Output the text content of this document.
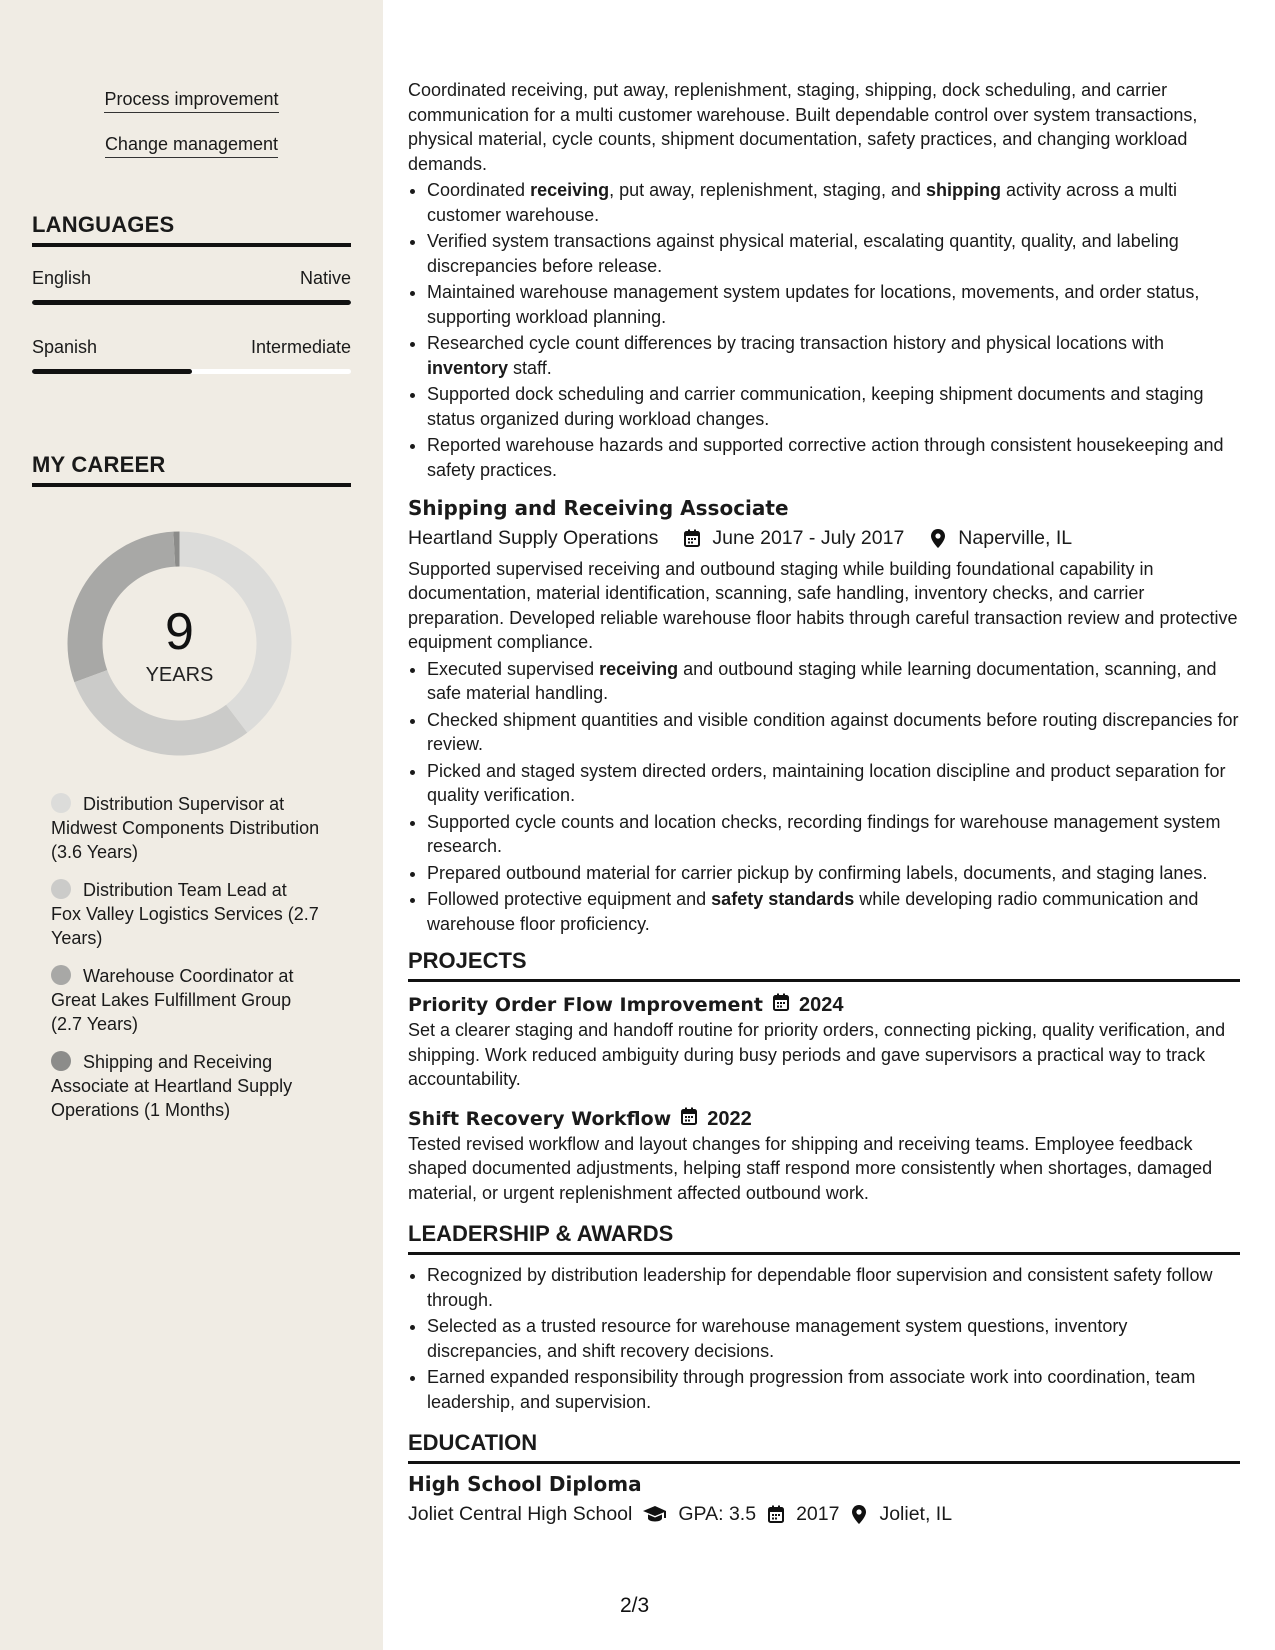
Process improvement
Change management
LANGUAGES
English	Native
Spanish	Intermediate
MY CAREER
9
YEARS
Distribution Supervisor at Midwest Components Distribution (3.6 Years)
Distribution Team Lead at Fox Valley Logistics Services (2.7 Years)
Warehouse Coordinator at Great Lakes Fulfillment Group (2.7 Years)
Shipping and Receiving Associate at Heartland Supply Operations (1 Months)

Coordinated receiving, put away, replenishment, staging, shipping, dock scheduling, and carrier communication for a multi customer warehouse. Built dependable control over system transactions, physical material, cycle counts, shipment documentation, safety practices, and changing workload demands.

• Coordinated receiving, put away, replenishment, staging, and shipping activity across a multi customer warehouse.
• Verified system transactions against physical material, escalating quantity, quality, and labeling discrepancies before release.
• Maintained warehouse management system updates for locations, movements, and order status, supporting workload planning.
• Researched cycle count differences by tracing transaction history and physical locations with inventory staff.
• Supported dock scheduling and carrier communication, keeping shipment documents and staging status organized during workload changes.
• Reported warehouse hazards and supported corrective action through consistent housekeeping and safety practices.
Shipping and Receiving Associate
Heartland Supply Operations	June 2017 - July 2017	Naperville, IL

Supported supervised receiving and outbound staging while building foundational capability in documentation, material identification, scanning, safe handling, inventory checks, and carrier preparation. Developed reliable warehouse floor habits through careful transaction review and protective equipment compliance.

• Executed supervised receiving and outbound staging while learning documentation, scanning, and safe material handling.
• Checked shipment quantities and visible condition against documents before routing discrepancies for review.
• Picked and staged system directed orders, maintaining location discipline and product separation for quality verification.
• Supported cycle counts and location checks, recording findings for warehouse management system research.
• Prepared outbound material for carrier pickup by confirming labels, documents, and staging lanes.
• Followed protective equipment and safety standards while developing radio communication and warehouse floor proficiency.
PROJECTS
Priority Order Flow Improvement 2024

Set a clearer staging and handoff routine for priority orders, connecting picking, quality verification, and shipping. Work reduced ambiguity during busy periods and gave supervisors a practical way to track accountability.

Shift Recovery Workflow 2022

Tested revised workflow and layout changes for shipping and receiving teams. Employee feedback shaped documented adjustments, helping staff respond more consistently when shortages, damaged material, or urgent replenishment affected outbound work.

LEADERSHIP & AWARDS
• Recognized by distribution leadership for dependable floor supervision and consistent safety follow through.
• Selected as a trusted resource for warehouse management system questions, inventory discrepancies, and shift recovery decisions.
• Earned expanded responsibility through progression from associate work into coordination, team leadership, and supervision.
EDUCATION
High School Diploma
Joliet Central High School GPA: 3.5 2017 Joliet, IL
2/3
